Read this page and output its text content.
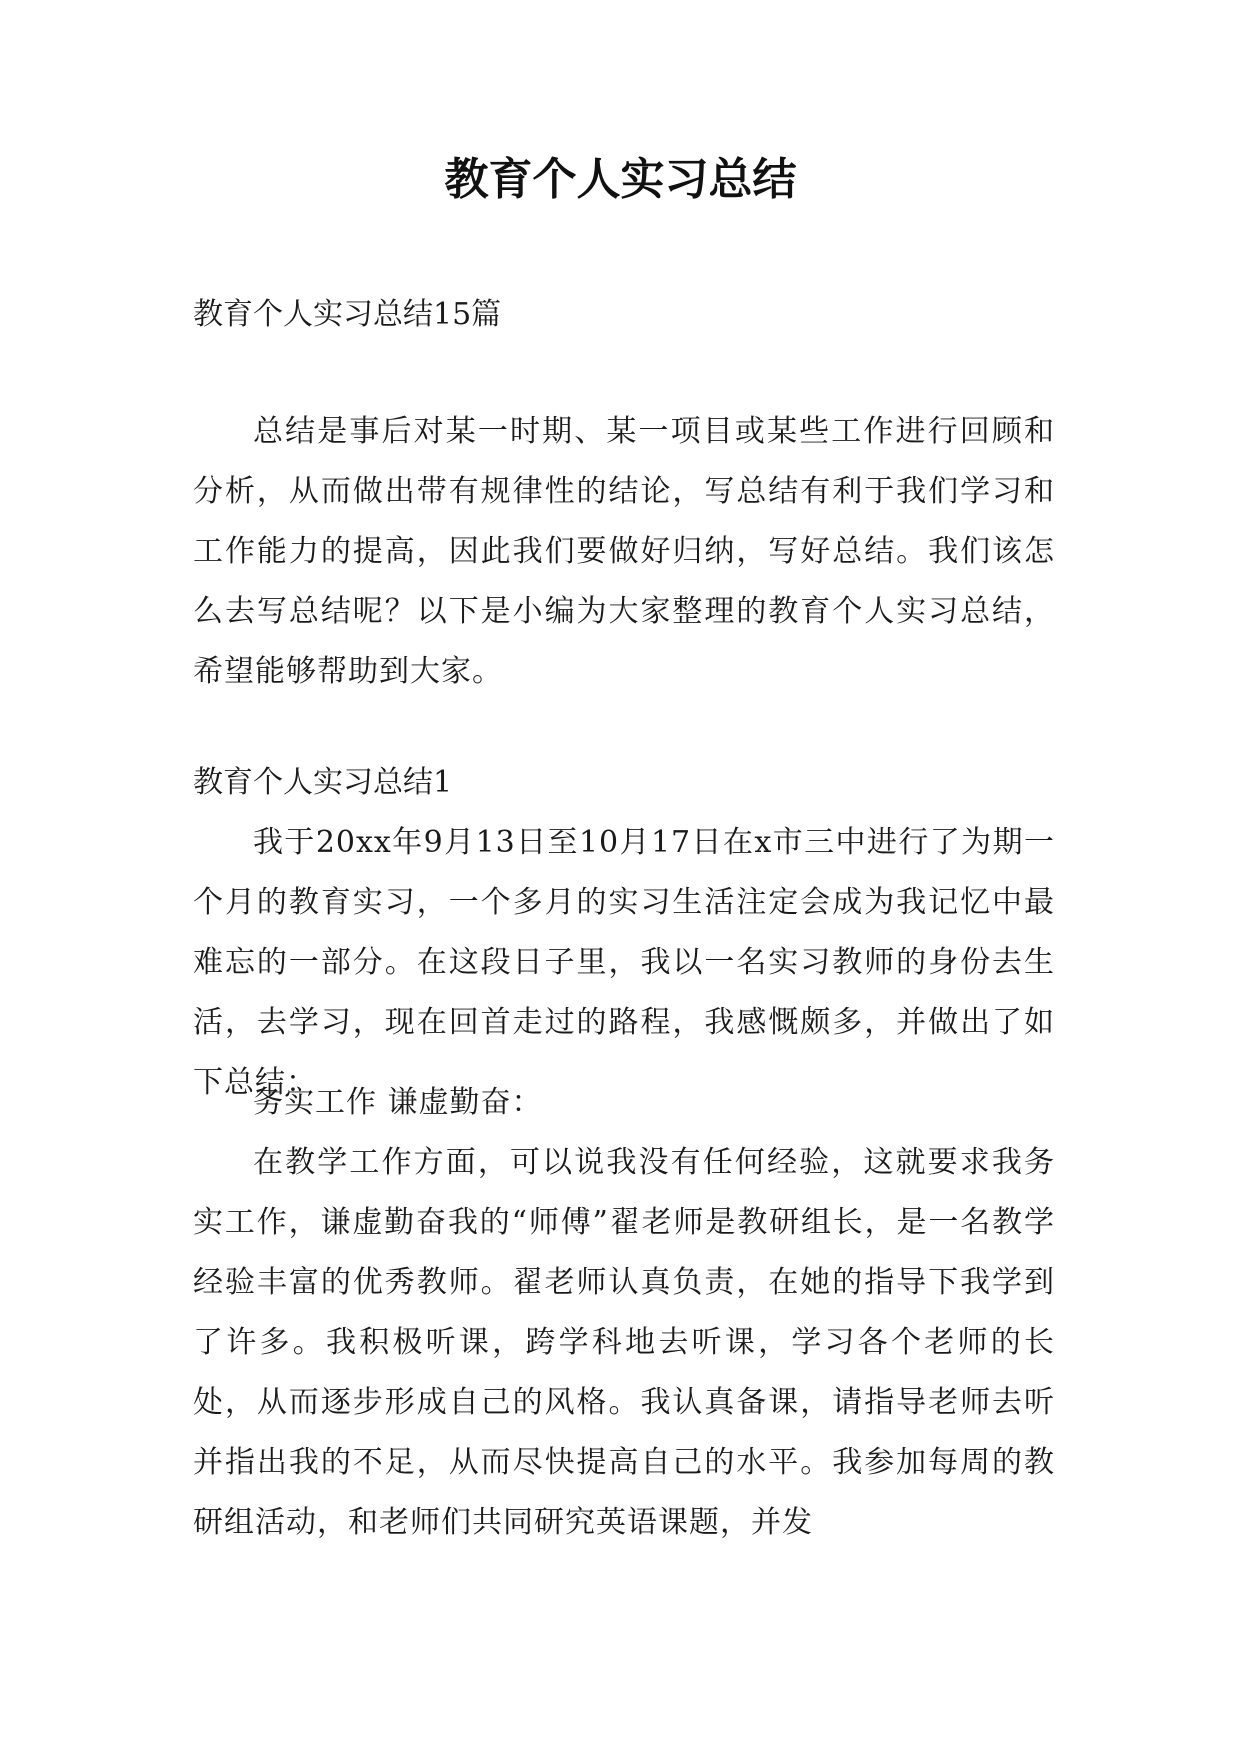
教育个人实习总结

教育个人实习总结15篇

总结是事后对某一时期、某一项目或某些工作进行回顾和分析，从而做出带有规律性的结论，写总结有利于我们学习和工作能力的提高，因此我们要做好归纳，写好总结。我们该怎么去写总结呢？以下是小编为大家整理的教育个人实习总结，希望能够帮助到大家。

教育个人实习总结1

我于20xx年9月13日至10月17日在x市三中进行了为期一个月的教育实习，一个多月的实习生活注定会成为我记忆中最难忘的一部分。在这段日子里，我以一名实习教师的身份去生活，去学习，现在回首走过的路程，我感慨颇多，并做出了如下总结：

务实工作 谦虚勤奋：

在教学工作方面，可以说我没有任何经验，这就要求我务实工作，谦虚勤奋我的“师傅”翟老师是教研组长，是一名教学经验丰富的优秀教师。翟老师认真负责，在她的指导下我学到了许多。我积极听课，跨学科地去听课，学习各个老师的长处，从而逐步形成自己的风格。我认真备课，请指导老师去听并指出我的不足，从而尽快提高自己的水平。我参加每周的教研组活动，和老师们共同研究英语课题，并发
